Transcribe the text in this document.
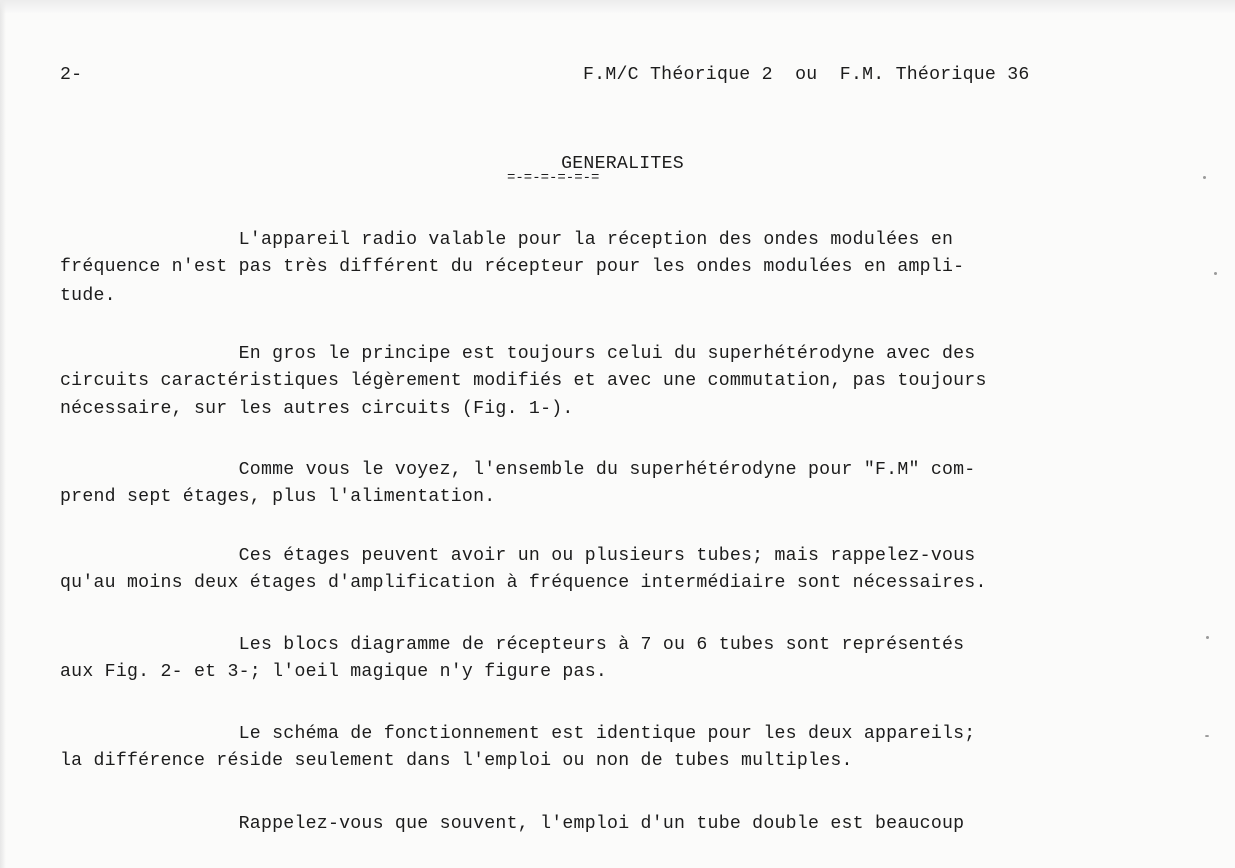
2-	F.M/C Théorique 2  ou  F.M. Théorique 36
GENERALITES
=-=-=-=-=-=
L'appareil radio valable pour la réception des ondes modulées en
fréquence n'est pas très différent du récepteur pour les ondes modulées en ampli-
tude.
En gros le principe est toujours celui du superhétérodyne avec des
circuits caractéristiques légèrement modifiés et avec une commutation, pas toujours
nécessaire, sur les autres circuits (Fig. 1-).
Comme vous le voyez, l'ensemble du superhétérodyne pour "F.M" com-
prend sept étages, plus l'alimentation.
Ces étages peuvent avoir un ou plusieurs tubes; mais rappelez-vous
qu'au moins deux étages d'amplification à fréquence intermédiaire sont nécessaires.
Les blocs diagramme de récepteurs à 7 ou 6 tubes sont représentés
aux Fig. 2- et 3-; l'oeil magique n'y figure pas.
Le schéma de fonctionnement est identique pour les deux appareils;
la différence réside seulement dans l'emploi ou non de tubes multiples.
Rappelez-vous que souvent, l'emploi d'un tube double est beaucoup
